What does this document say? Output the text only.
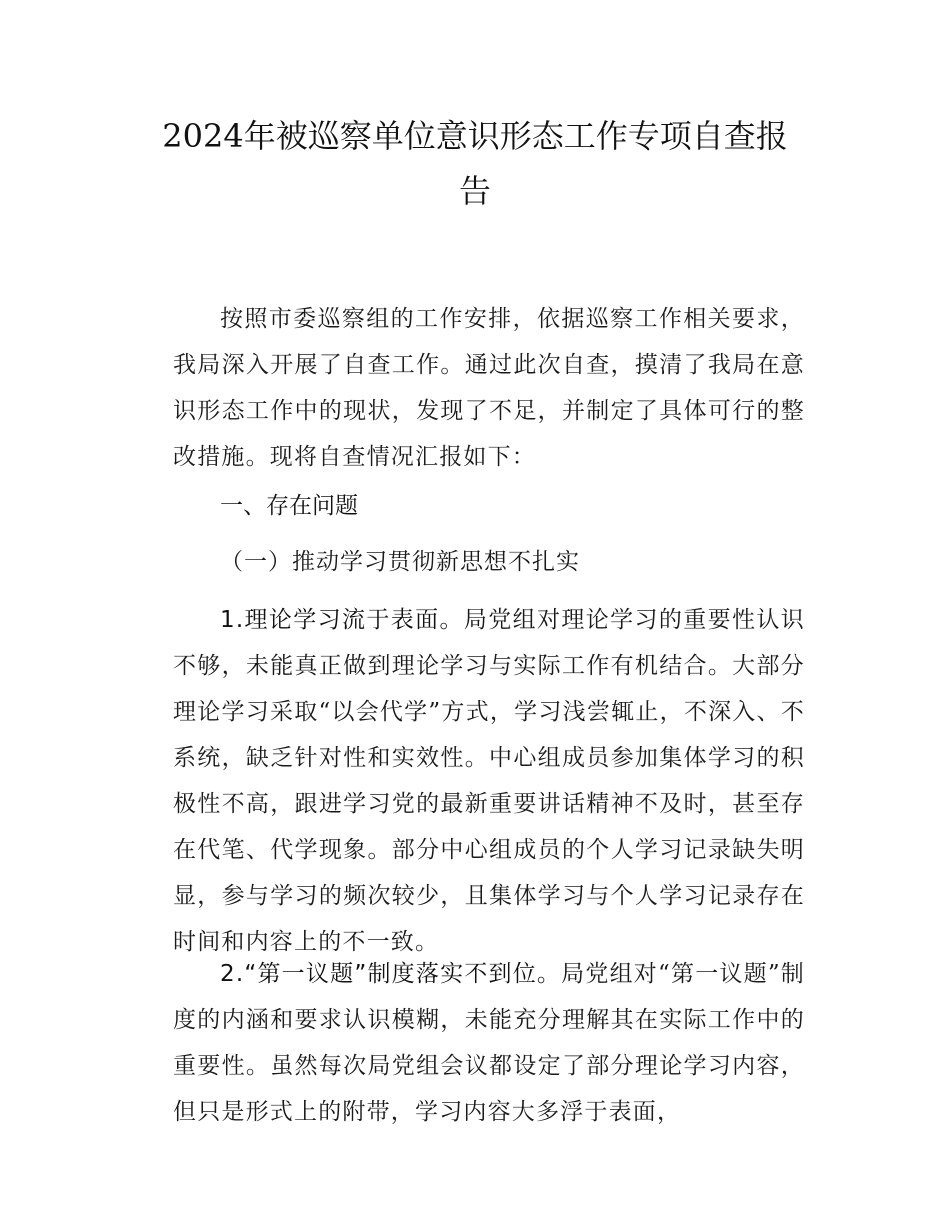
2024年被巡察单位意识形态工作专项自查报
告

按照市委巡察组的工作安排，依据巡察工作相关要求，我局深入开展了自查工作。通过此次自查，摸清了我局在意识形态工作中的现状，发现了不足，并制定了具体可行的整改措施。现将自查情况汇报如下：

一、存在问题
（一）推动学习贯彻新思想不扎实

1.理论学习流于表面。局党组对理论学习的重要性认识不够，未能真正做到理论学习与实际工作有机结合。大部分理论学习采取“以会代学”方式，学习浅尝辄止，不深入、不系统，缺乏针对性和实效性。中心组成员参加集体学习的积极性不高，跟进学习党的最新重要讲话精神不及时，甚至存在代笔、代学现象。部分中心组成员的个人学习记录缺失明显，参与学习的频次较少，且集体学习与个人学习记录存在时间和内容上的不一致。

2.“第一议题”制度落实不到位。局党组对“第一议题”制度的内涵和要求认识模糊，未能充分理解其在实际工作中的重要性。虽然每次局党组会议都设定了部分理论学习内容，但只是形式上的附带，学习内容大多浮于表面，
